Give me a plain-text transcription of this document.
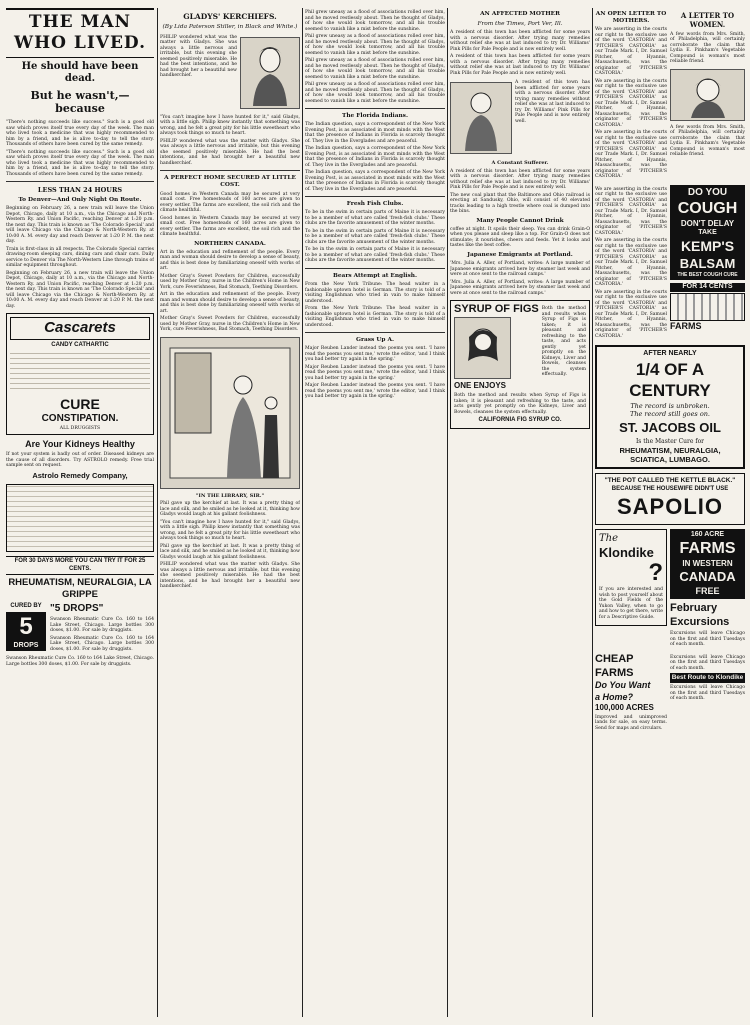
THE MAN WHO LIVED.
He should have been dead.
But he wasn't,—because
"There's nothing succeeds like success." Such is a good old saw which proves itself true every day of the week. The man who lived took a medicine that was highly recommended to him by a friend, and he is alive to-day to tell the story. Thousands of others have been cured by the same remedy.
"There's nothing succeeds like success." Such is a good old saw which proves itself true every day of the week. The man who lived took a medicine that was highly recommended to him by a friend, and he is alive to-day to tell the story. Thousands of others have been cured by the same remedy.
LESS THAN 24 HOURS
To Denver—And Only Night On Route.
Beginning on February 26, a new train will leave the Union Depot, Chicago, daily at 10 a.m., via the Chicago and North-Western Ry. and Union Pacific, reaching Denver at 1:20 p.m. the next day. This train is known as 'The Colorado Special' and will leave Chicago via the Chicago & North-Western Ry. at 10:00 A. M. every day and reach Denver at 1:20 P. M. the next day.
Train is first-class in all respects. The Colorado Special carries drawing-room sleeping cars, dining cars and chair cars. Daily service to Denver via The North-Western Line through trains of similar equipment throughout.
Beginning on February 26, a new train will leave the Union Depot, Chicago, daily at 10 a.m., via the Chicago and North-Western Ry. and Union Pacific, reaching Denver at 1:20 p.m. the next day. This train is known as 'The Colorado Special' and will leave Chicago via the Chicago & North-Western Ry. at 10:00 A. M. every day and reach Denver at 1:20 P. M. the next day.
Cascarets
CANDY CATHARTIC
CURE
CONSTIPATION.
ALL DRUGGISTS
Are Your Kidneys Healthy
If not your system is badly out of order. Diseased kidneys are the cause of all disorders. Try ASTROLO remedy. Free trial sample sent on request.
Astrolo Remedy Company,
FOR 30 DAYS MORE YOU CAN TRY IT FOR 25 CENTS.
RHEUMATISM, NEURALGIA, LA GRIPPE
CURED BY
5
DROPS
"5 DROPS"
Swanson Rheumatic Cure Co. 160 to 164 Lake Street, Chicago. Large bottles 300 doses, $1.00. For sale by druggists.
Swanson Rheumatic Cure Co. 160 to 164 Lake Street, Chicago. Large bottles 300 doses, $1.00. For sale by druggists.
Swanson Rheumatic Cure Co. 160 to 164 Lake Street, Chicago. Large bottles 300 doses, $1.00. For sale by druggists.
GLADYS' KERCHIEFS.
(By Lida Paterson Stiller, in Black and White.)
PHILIP wondered what was the matter with Gladys. She was always a little nervous and irritable, but this evening she seemed positively miserable. He had the best intentions, and he had brought her a beautiful new handkerchief.
"You can't imagine how I have hunted for it," said Gladys, with a little sigh. Philip knew instantly that something was wrong, and he felt a great pity for his little sweetheart who always took things so much to heart.
PHILIP wondered what was the matter with Gladys. She was always a little nervous and irritable, but this evening she seemed positively miserable. He had the best intentions, and he had brought her a beautiful new handkerchief.
A PERFECT HOME SECURED AT LITTLE COST.
Good homes in Western Canada may be secured at very small cost. Free homesteads of 160 acres are given to every settler. The farms are excellent, the soil rich and the climate healthful.
Good homes in Western Canada may be secured at very small cost. Free homesteads of 160 acres are given to every settler. The farms are excellent, the soil rich and the climate healthful.
NORTHERN CANADA.
Art in the education and refinement of the people. Every man and woman should desire to develop a sense of beauty, and this is best done by familiarizing oneself with works of art.
Mother Gray's Sweet Powders for Children, successfully used by Mother Gray, nurse in the Children's Home in New York, cure Feverishness, Bad Stomach, Teething Disorders.
Art in the education and refinement of the people. Every man and woman should desire to develop a sense of beauty, and this is best done by familiarizing oneself with works of art.
Mother Gray's Sweet Powders for Children, successfully used by Mother Gray, nurse in the Children's Home in New York, cure Feverishness, Bad Stomach, Teething Disorders.
"IN THE LIBRARY, SIR."
Phil gave up the kerchief at last. It was a pretty thing of lace and silk, and he smiled as he looked at it, thinking how Gladys would laugh at his gallant foolishness.
"You can't imagine how I have hunted for it," said Gladys, with a little sigh. Philip knew instantly that something was wrong, and he felt a great pity for his little sweetheart who always took things so much to heart.
Phil gave up the kerchief at last. It was a pretty thing of lace and silk, and he smiled as he looked at it, thinking how Gladys would laugh at his gallant foolishness.
PHILIP wondered what was the matter with Gladys. She was always a little nervous and irritable, but this evening she seemed positively miserable. He had the best intentions, and he had brought her a beautiful new handkerchief.
Phil grew uneasy as a flood of associations rolled over him, and he moved restlessly about. Then he thought of Gladys, of how she would look tomorrow, and all his trouble seemed to vanish like a mist before the sunshine.
Phil grew uneasy as a flood of associations rolled over him, and he moved restlessly about. Then he thought of Gladys, of how she would look tomorrow, and all his trouble seemed to vanish like a mist before the sunshine.
Phil grew uneasy as a flood of associations rolled over him, and he moved restlessly about. Then he thought of Gladys, of how she would look tomorrow, and all his trouble seemed to vanish like a mist before the sunshine.
Phil grew uneasy as a flood of associations rolled over him, and he moved restlessly about. Then he thought of Gladys, of how she would look tomorrow, and all his trouble seemed to vanish like a mist before the sunshine.
The Florida Indians.
The Indian question, says a correspondent of the New York Evening Post, is as associated in most minds with the West that the presence of Indians in Florida is scarcely thought of. They live in the Everglades and are peaceful.
The Indian question, says a correspondent of the New York Evening Post, is as associated in most minds with the West that the presence of Indians in Florida is scarcely thought of. They live in the Everglades and are peaceful.
The Indian question, says a correspondent of the New York Evening Post, is as associated in most minds with the West that the presence of Indians in Florida is scarcely thought of. They live in the Everglades and are peaceful.
Fresh Fish Clubs.
To be in the swim in certain parts of Maine it is necessary to be a member of what are called 'fresh-fish clubs.' These clubs are the favorite amusement of the winter months.
To be in the swim in certain parts of Maine it is necessary to be a member of what are called 'fresh-fish clubs.' These clubs are the favorite amusement of the winter months.
To be in the swim in certain parts of Maine it is necessary to be a member of what are called 'fresh-fish clubs.' These clubs are the favorite amusement of the winter months.
Bears Attempt at English.
From the New York Tribune: The head waiter in a fashionable uptown hotel is German. The story is told of a visiting Englishman who tried in vain to make himself understood.
From the New York Tribune: The head waiter in a fashionable uptown hotel is German. The story is told of a visiting Englishman who tried in vain to make himself understood.
Grass Up A.
Major Reuben Lander instead the poems you sent. 'I have read the poems you sent me,' wrote the editor, 'and I think you had better try again in the spring.'
Major Reuben Lander instead the poems you sent. 'I have read the poems you sent me,' wrote the editor, 'and I think you had better try again in the spring.'
Major Reuben Lander instead the poems you sent. 'I have read the poems you sent me,' wrote the editor, 'and I think you had better try again in the spring.'
AN AFFECTED MOTHER
From the Times, Port Ver, Ill.
A resident of this town has been afflicted for some years with a nervous disorder. After trying many remedies without relief she was at last induced to try Dr. Williams' Pink Pills for Pale People and is now entirely well.
A resident of this town has been afflicted for some years with a nervous disorder. After trying many remedies without relief she was at last induced to try Dr. Williams' Pink Pills for Pale People and is now entirely well.
A resident of this town has been afflicted for some years with a nervous disorder. After trying many remedies without relief she was at last induced to try Dr. Williams' Pink Pills for Pale People and is now entirely well.
A Constant Sufferer.
A resident of this town has been afflicted for some years with a nervous disorder. After trying many remedies without relief she was at last induced to try Dr. Williams' Pink Pills for Pale People and is now entirely well.
The new coal plant that the Baltimore and Ohio railroad is erecting at Sandusky, Ohio, will consist of 40 elevated tracks leading to a high trestle where coal is dumped into the bins.
Many People Cannot Drink
coffee at night. It spoils their sleep. You can drink Grain-O when you please and sleep like a top. For Grain-O does not stimulate; it nourishes, cheers and feeds. Yet it looks and tastes like the best coffee.
Japanese Emigrants at Portland.
'Mrs. Julia A. Aller, of Portland, writes: A large number of Japanese emigrants arrived here by steamer last week and were at once sent to the railroad camps.'
'Mrs. Julia A. Aller, of Portland, writes: A large number of Japanese emigrants arrived here by steamer last week and were at once sent to the railroad camps.'
SYRUP OF FIGS
ONE ENJOYS
Both the method and results when Syrup of Figs is taken; it is pleasant and refreshing to the taste, and acts gently yet promptly on the Kidneys, Liver and Bowels, cleanses the system effectually.
Both the method and results when Syrup of Figs is taken; it is pleasant and refreshing to the taste, and acts gently yet promptly on the Kidneys, Liver and Bowels, cleanses the system effectually.
CALIFORNIA FIG SYRUP CO.
AN OPEN LETTER TO MOTHERS.
We are asserting in the courts our right to the exclusive use of the word 'CASTORIA' and 'PITCHER'S CASTORIA' as our Trade Mark. I, Dr. Samuel Pitcher, of Hyannis, Massachusetts, was the originator of 'PITCHER'S CASTORIA.'
We are asserting in the courts our right to the exclusive use of the word 'CASTORIA' and 'PITCHER'S CASTORIA' as our Trade Mark. I, Dr. Samuel Pitcher, of Hyannis, Massachusetts, was the originator of 'PITCHER'S CASTORIA.'
We are asserting in the courts our right to the exclusive use of the word 'CASTORIA' and 'PITCHER'S CASTORIA' as our Trade Mark. I, Dr. Samuel Pitcher, of Hyannis, Massachusetts, was the originator of 'PITCHER'S CASTORIA.'
A LETTER TO WOMEN.
A few words from Mrs. Smith, of Philadelphia, will certainly corroborate the claim that Lydia E. Pinkham's Vegetable Compound is woman's most reliable friend.
A few words from Mrs. Smith, of Philadelphia, will certainly corroborate the claim that Lydia E. Pinkham's Vegetable Compound is woman's most reliable friend.
We are asserting in the courts our right to the exclusive use of the word 'CASTORIA' and 'PITCHER'S CASTORIA' as our Trade Mark. I, Dr. Samuel Pitcher, of Hyannis, Massachusetts, was the originator of 'PITCHER'S CASTORIA.'
We are asserting in the courts our right to the exclusive use of the word 'CASTORIA' and 'PITCHER'S CASTORIA' as our Trade Mark. I, Dr. Samuel Pitcher, of Hyannis, Massachusetts, was the originator of 'PITCHER'S CASTORIA.'
We are asserting in the courts our right to the exclusive use of the word 'CASTORIA' and 'PITCHER'S CASTORIA' as our Trade Mark. I, Dr. Samuel Pitcher, of Hyannis, Massachusetts, was the originator of 'PITCHER'S CASTORIA.'
DO YOU
COUGH
DON'T DELAY
TAKE
KEMP'S
BALSAM
THE BEST COUGH CURE
FOR 14 CENTS
FARMS
AFTER NEARLY
1/4 OF A CENTURY
The record is unbroken.
The record still goes on.
ST. JACOBS OIL
Is the Master Cure for
RHEUMATISM, NEURALGIA,
SCIATICA, LUMBAGO.
"THE POT CALLED THE KETTLE BLACK."
BECAUSE THE HOUSEWIFE DIDN'T USE
SAPOLIO
The
Klondike
?
If you are interested and wish to post yourself about the Gold Fields of the Yukon Valley, when to go and how to get there, write for a Descriptive Guide.
160 ACRE
FARMS
IN WESTERN
CANADA
FREE
February
Excursions
Excursions will leave Chicago on the first and third Tuesdays of each month.
CHEAP FARMS
Do You Want
a Home?
100,000 ACRES
Improved and unimproved lands for sale, on easy terms. Send for maps and circulars.
Excursions will leave Chicago on the first and third Tuesdays of each month.
Best Route to Klondike
Excursions will leave Chicago on the first and third Tuesdays of each month.
